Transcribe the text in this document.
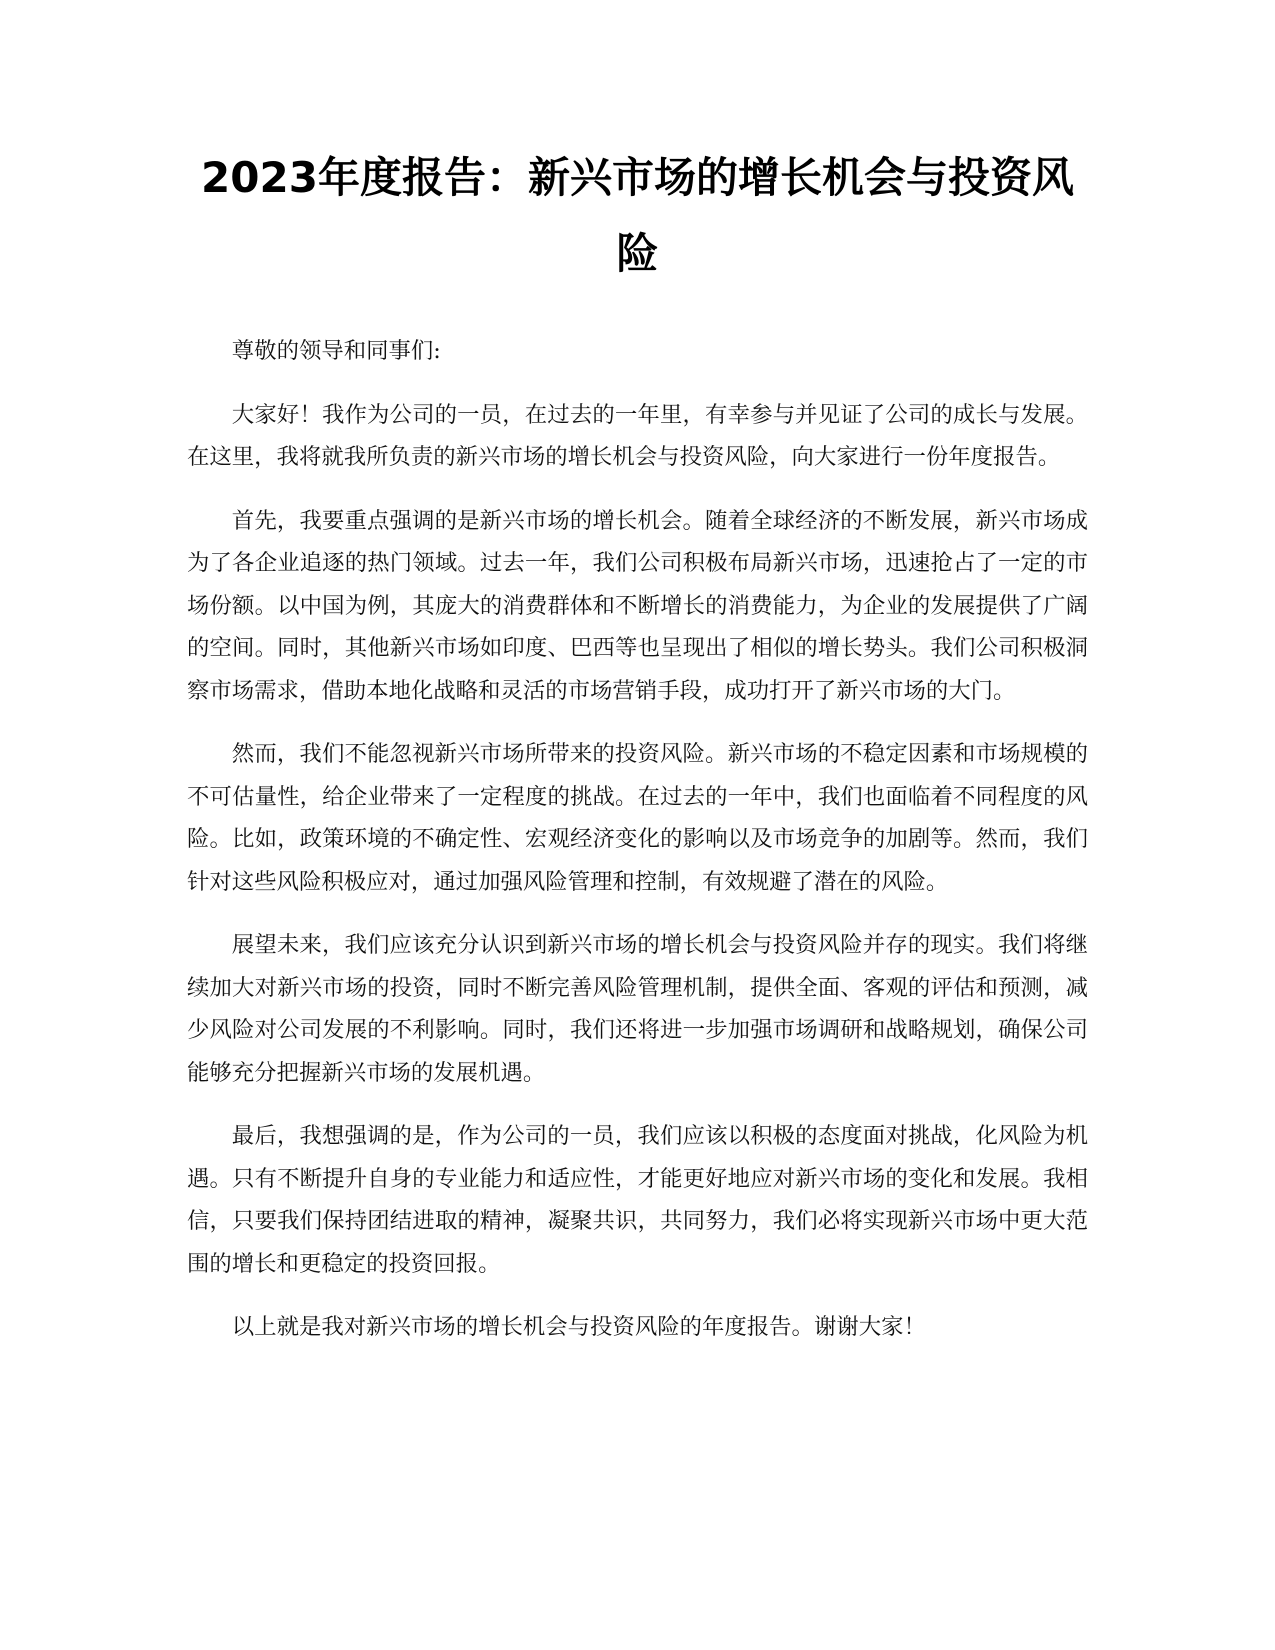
2023年度报告：新兴市场的增长机会与投资风险

尊敬的领导和同事们:

大家好！我作为公司的一员，在过去的一年里，有幸参与并见证了公司的成长与发展。在这里，我将就我所负责的新兴市场的增长机会与投资风险，向大家进行一份年度报告。

首先，我要重点强调的是新兴市场的增长机会。随着全球经济的不断发展，新兴市场成为了各企业追逐的热门领域。过去一年，我们公司积极布局新兴市场，迅速抢占了一定的市场份额。以中国为例，其庞大的消费群体和不断增长的消费能力，为企业的发展提供了广阔的空间。同时，其他新兴市场如印度、巴西等也呈现出了相似的增长势头。我们公司积极洞察市场需求，借助本地化战略和灵活的市场营销手段，成功打开了新兴市场的大门。

然而，我们不能忽视新兴市场所带来的投资风险。新兴市场的不稳定因素和市场规模的不可估量性，给企业带来了一定程度的挑战。在过去的一年中，我们也面临着不同程度的风险。比如，政策环境的不确定性、宏观经济变化的影响以及市场竞争的加剧等。然而，我们针对这些风险积极应对，通过加强风险管理和控制，有效规避了潜在的风险。

展望未来，我们应该充分认识到新兴市场的增长机会与投资风险并存的现实。我们将继续加大对新兴市场的投资，同时不断完善风险管理机制，提供全面、客观的评估和预测，减少风险对公司发展的不利影响。同时，我们还将进一步加强市场调研和战略规划，确保公司能够充分把握新兴市场的发展机遇。

最后，我想强调的是，作为公司的一员，我们应该以积极的态度面对挑战，化风险为机遇。只有不断提升自身的专业能力和适应性，才能更好地应对新兴市场的变化和发展。我相信，只要我们保持团结进取的精神，凝聚共识，共同努力，我们必将实现新兴市场中更大范围的增长和更稳定的投资回报。

以上就是我对新兴市场的增长机会与投资风险的年度报告。谢谢大家！
